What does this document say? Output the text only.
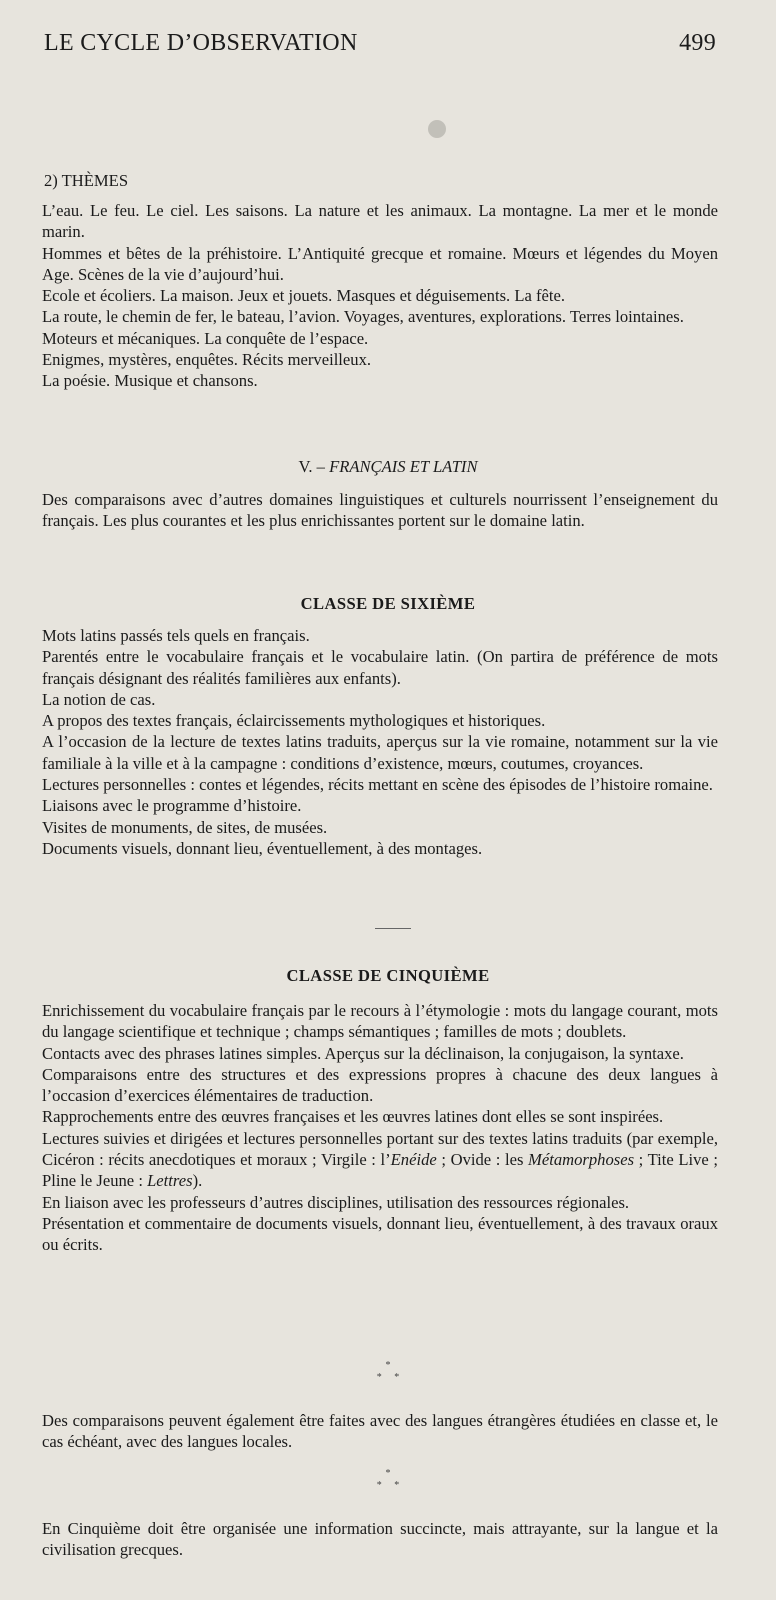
LE CYCLE D’OBSERVATION	499
2) THÈMES

L’eau. Le feu. Le ciel. Les saisons. La nature et les animaux. La montagne. La mer et le monde marin.

Hommes et bêtes de la préhistoire. L’Antiquité grecque et romaine. Mœurs et légendes du Moyen Age. Scènes de la vie d’aujourd’hui.

Ecole et écoliers. La maison. Jeux et jouets. Masques et déguisements. La fête.

La route, le chemin de fer, le bateau, l’avion. Voyages, aventures, explorations. Terres lointaines.

Moteurs et mécaniques. La conquête de l’espace.

Enigmes, mystères, enquêtes. Récits merveilleux.

La poésie. Musique et chansons.

V. – FRANÇAIS ET LATIN

Des comparaisons avec d’autres domaines linguistiques et culturels nourrissent l’enseignement du français. Les plus courantes et les plus enrichissantes portent sur le domaine latin.

CLASSE DE SIXIÈME

Mots latins passés tels quels en français.

Parentés entre le vocabulaire français et le vocabulaire latin. (On partira de préférence de mots français désignant des réalités familières aux enfants).

La notion de cas.

A propos des textes français, éclaircissements mythologiques et historiques.

A l’occasion de la lecture de textes latins traduits, aperçus sur la vie romaine, notamment sur la vie familiale à la ville et à la campagne : conditions d’existence, mœurs, coutumes, croyances.

Lectures personnelles : contes et légendes, récits mettant en scène des épisodes de l’histoire romaine.

Liaisons avec le programme d’histoire.

Visites de monuments, de sites, de musées.

Documents visuels, donnant lieu, éventuellement, à des montages.

CLASSE DE CINQUIÈME

Enrichissement du vocabulaire français par le recours à l’étymologie : mots du langage courant, mots du langage scientifique et technique ; champs sémantiques ; familles de mots ; doublets.

Contacts avec des phrases latines simples. Aperçus sur la déclinaison, la conjugaison, la syntaxe.

Comparaisons entre des structures et des expressions propres à chacune des deux langues à l’occasion d’exercices élémentaires de traduction.

Rapprochements entre des œuvres françaises et les œuvres latines dont elles se sont inspirées.

Lectures suivies et dirigées et lectures personnelles portant sur des textes latins traduits (par exemple, Cicéron : récits anecdotiques et moraux ; Virgile : l’Enéide ; Ovide : les Métamorphoses ; Tite Live ; Pline le Jeune : Lettres).

En liaison avec les professeurs d’autres disciplines, utilisation des ressources régionales.

Présentation et commentaire de documents visuels, donnant lieu, éventuellement, à des travaux oraux ou écrits.

*
* *

Des comparaisons peuvent également être faites avec des langues étrangères étudiées en classe et, le cas échéant, avec des langues locales.

*
* *

En Cinquième doit être organisée une information succincte, mais attrayante, sur la langue et la civilisation grecques.
